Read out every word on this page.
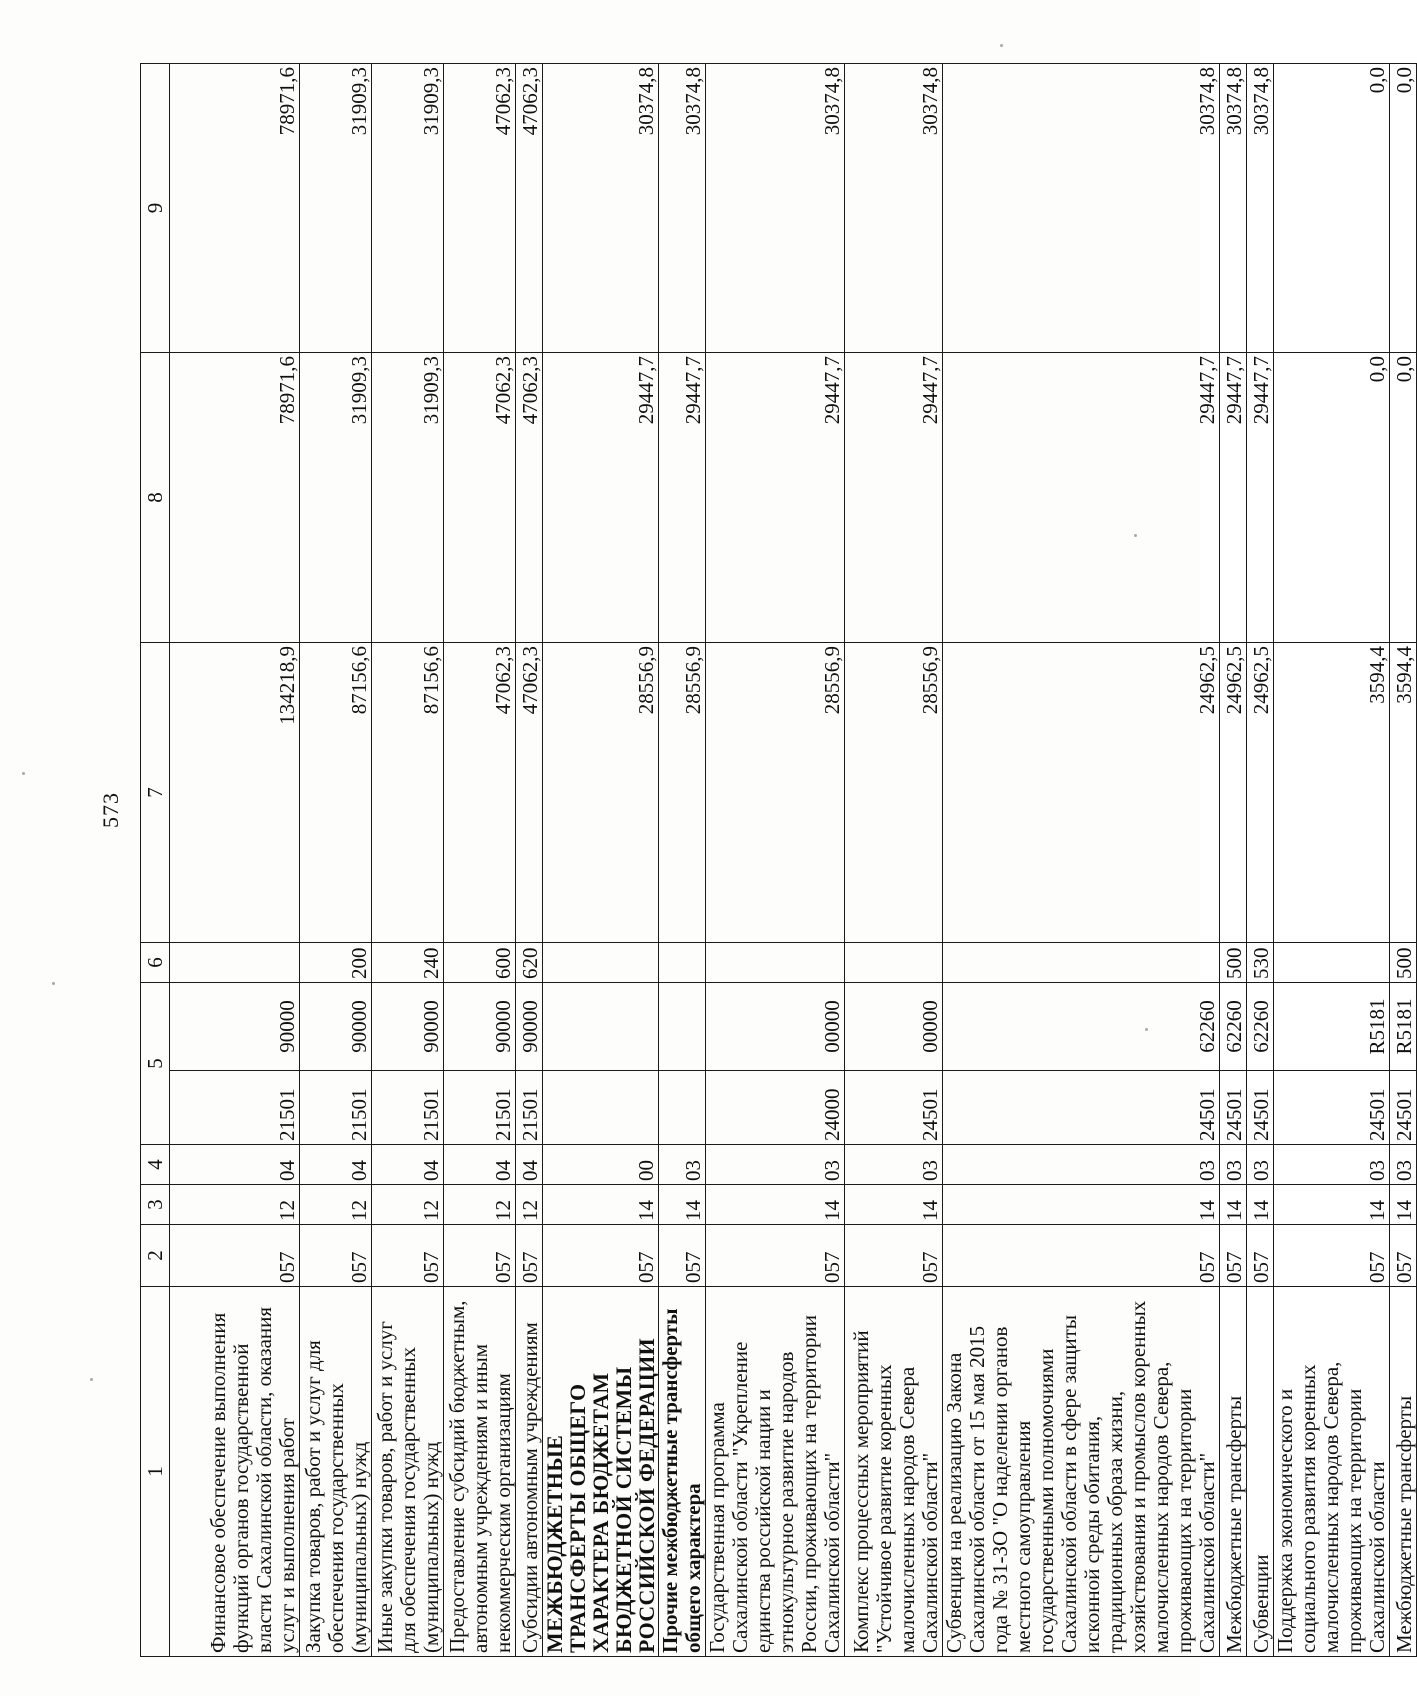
573
1	2	3	4	5		6	7	8	9
Финансовое обеспечение выполнения функций органов государственной власти Сахалинской области, оказания услуг и выполнения работ	057	12	04	21501	90000		134218,9	78971,6	78971,6
Закупка товаров, работ и услуг для обеспечения государственных (муниципальных) нужд	057	12	04	21501	90000	200	87156,6	31909,3	31909,3
Иные закупки товаров, работ и услуг для обеспечения государственных (муниципальных) нужд	057	12	04	21501	90000	240	87156,6	31909,3	31909,3
Предоставление субсидий бюджетным, автономным учреждениям и иным некоммерческим организациям	057	12	04	21501	90000	600	47062,3	47062,3	47062,3
Субсидии автономным учреждениям	057	12	04	21501	90000	620	47062,3	47062,3	47062,3
МЕЖБЮДЖЕТНЫЕ ТРАНСФЕРТЫ ОБЩЕГО ХАРАКТЕРА БЮДЖЕТАМ БЮДЖЕТНОЙ СИСТЕМЫ РОССИЙСКОЙ ФЕДЕРАЦИИ	057	14	00				28556,9	29447,7	30374,8
Прочие межбюджетные трансферты общего характера	057	14	03				28556,9	29447,7	30374,8
Государственная программа Сахалинской области "Укрепление единства российской нации и этнокультурное развитие народов России, проживающих на территории Сахалинской области"	057	14	03	24000	00000		28556,9	29447,7	30374,8
Комплекс процессных мероприятий "Устойчивое развитие коренных малочисленных народов Севера Сахалинской области"	057	14	03	24501	00000		28556,9	29447,7	30374,8
Субвенция на реализацию Закона Сахалинской области от 15 мая 2015 года № 31-ЗО "О наделении органов местного самоуправления государственными полномочиями Сахалинской области в сфере защиты исконной среды обитания, традиционных образа жизни, хозяйствования и промыслов коренных малочисленных народов Севера, проживающих на территории Сахалинской области"	057	14	03	24501	62260		24962,5	29447,7	30374,8
Межбюджетные трансферты	057	14	03	24501	62260	500	24962,5	29447,7	30374,8
Субвенции	057	14	03	24501	62260	530	24962,5	29447,7	30374,8
Поддержка экономического и социального развития коренных малочисленных народов Севера, проживающих на территории Сахалинской области	057	14	03	24501	R5181		3594,4	0,0	0,0
Межбюджетные трансферты	057	14	03	24501	R5181	500	3594,4	0,0	0,0
